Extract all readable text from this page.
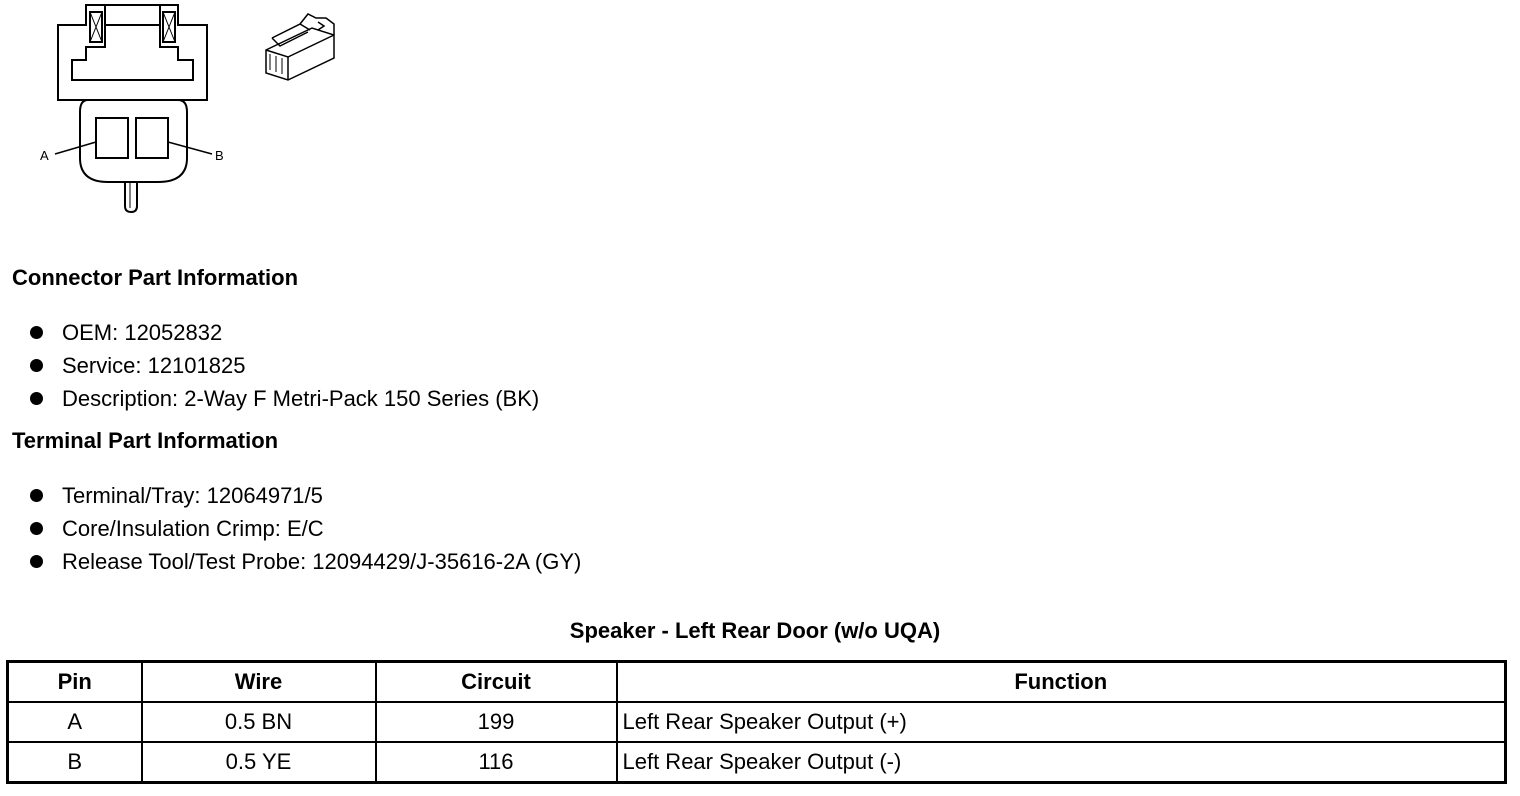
A	B
Connector Part Information
OEM: 12052832
Service: 12101825
Description: 2-Way F Metri-Pack 150 Series (BK)
Terminal Part Information
Terminal/Tray: 12064971/5
Core/Insulation Crimp: E/C
Release Tool/Test Probe: 12094429/J-35616-2A (GY)
Speaker - Left Rear Door (w/o UQA)
Pin	Wire	Circuit	Function
A	0.5 BN	199	Left Rear Speaker Output (+)
B	0.5 YE	116	Left Rear Speaker Output (-)
